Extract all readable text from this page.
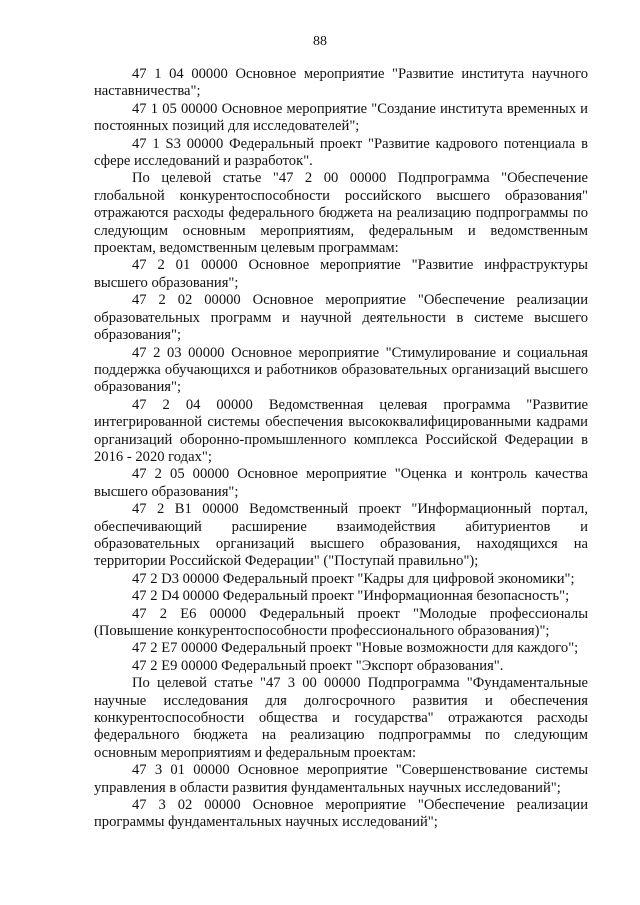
88

47 1 04 00000 Основное мероприятие "Развитие института научного наставничества";

47 1 05 00000 Основное мероприятие "Создание института временных и постоянных позиций для исследователей";

47 1 S3 00000 Федеральный проект "Развитие кадрового потенциала в сфере исследований и разработок".

По целевой статье "47 2 00 00000 Подпрограмма "Обеспечение глобальной конкурентоспособности российского высшего образования" отражаются расходы федерального бюджета на реализацию подпрограммы по следующим основным мероприятиям, федеральным и ведомственным проектам, ведомственным целевым программам:

47 2 01 00000 Основное мероприятие "Развитие инфраструктуры высшего образования";

47 2 02 00000 Основное мероприятие "Обеспечение реализации образовательных программ и научной деятельности в системе высшего образования";

47 2 03 00000 Основное мероприятие "Стимулирование и социальная поддержка обучающихся и работников образовательных организаций высшего образования";

47 2 04 00000 Ведомственная целевая программа "Развитие интегрированной системы обеспечения высококвалифицированными кадрами организаций оборонно-промышленного комплекса Российской Федерации в 2016 - 2020 годах";

47 2 05 00000 Основное мероприятие "Оценка и контроль качества высшего образования";

47 2 B1 00000 Ведомственный проект "Информационный портал, обеспечивающий расширение взаимодействия абитуриентов и образовательных организаций высшего образования, находящихся на территории Российской Федерации" ("Поступай правильно");

47 2 D3 00000 Федеральный проект "Кадры для цифровой экономики";

47 2 D4 00000 Федеральный проект "Информационная безопасность";

47 2 E6 00000 Федеральный проект "Молодые профессионалы (Повышение конкурентоспособности профессионального образования)";

47 2 E7 00000 Федеральный проект "Новые возможности для каждого";

47 2 E9 00000 Федеральный проект "Экспорт образования".

По целевой статье "47 3 00 00000 Подпрограмма "Фундаментальные научные исследования для долгосрочного развития и обеспечения конкурентоспособности общества и государства" отражаются расходы федерального бюджета на реализацию подпрограммы по следующим основным мероприятиям и федеральным проектам:

47 3 01 00000 Основное мероприятие "Совершенствование системы управления в области развития фундаментальных научных исследований";

47 3 02 00000 Основное мероприятие "Обеспечение реализации программы фундаментальных научных исследований";
